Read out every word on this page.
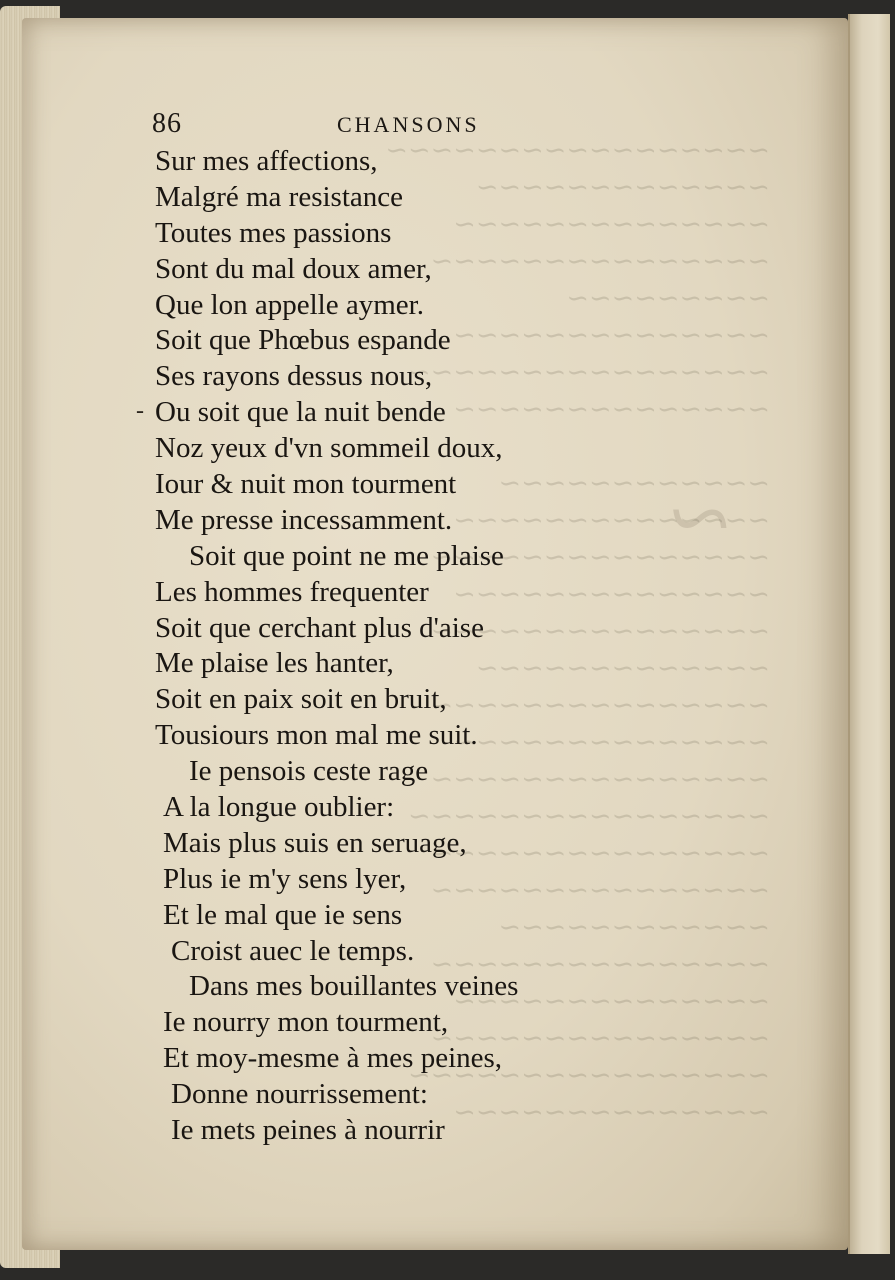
~
86	CHANSONS
-
Sur mes affections,
Malgré ma resistance
Toutes mes passions
Sont du mal doux amer,
Que lon appelle aymer.
Soit que Phœbus espande
Ses rayons dessus nous,
Ou soit que la nuit bende
Noz yeux d'vn sommeil doux,
Iour & nuit mon tourment
Me presse incessamment.
Soit que point ne me plaise
Les hommes frequenter
Soit que cerchant plus d'aise
Me plaise les hanter,
Soit en paix soit en bruit,
Tousiours mon mal me suit.
Ie pensois ceste rage
A la longue oublier:
Mais plus suis en seruage,
Plus ie m'y sens lyer,
Et le mal que ie sens
Croist auec le temps.
Dans mes bouillantes veines
Ie nourry mon tourment,
Et moy-mesme à mes peines,
Donne nourrissement:
Ie mets peines à nourrir
